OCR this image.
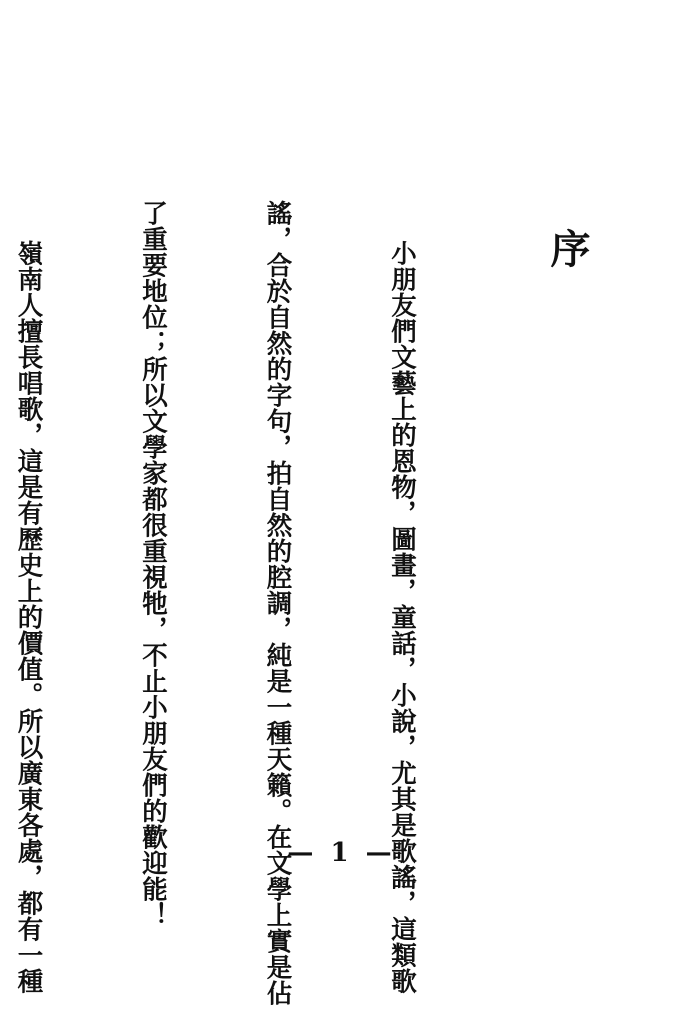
序

小朋友們文藝上的恩物，圖畫，童話，小說，尤其是歌謠，這類歌

謠，合於自然的字句，拍自然的腔調，純是一種天籟。在文學上實是佔

了重要地位；所以文學家都很重視牠，不止小朋友們的歡迎能！

嶺南人擅長唱歌，這是有歷史上的價值。所以廣東各處，都有一種

	— 1 —
